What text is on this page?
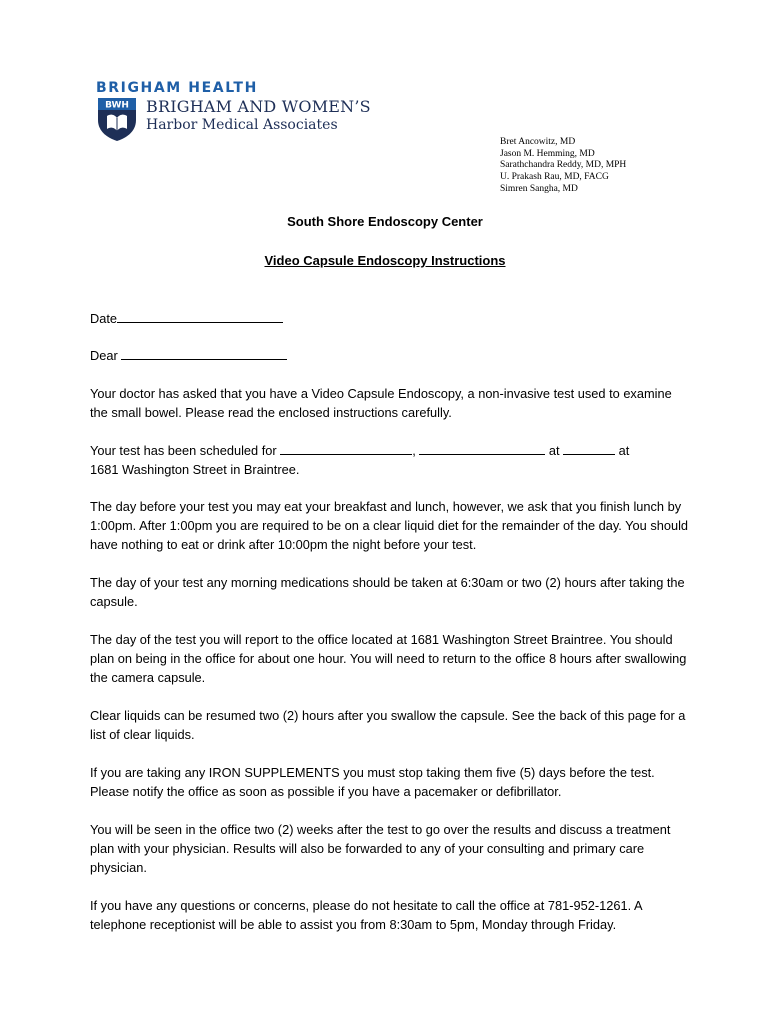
BRIGHAM HEALTH
BWH BRIGHAM AND WOMEN’S
Harbor Medical Associates
Bret Ancowitz, MD
Jason M. Hemming, MD
Sarathchandra Reddy, MD, MPH
U. Prakash Rau, MD, FACG
Simren Sangha, MD
South Shore Endoscopy Center
Video Capsule Endoscopy Instructions
Date
Dear
Your doctor has asked that you have a Video Capsule Endoscopy, a non-invasive test used to examine the small bowel. Please read the enclosed instructions carefully.
Your test has been scheduled for	,	at	at
1681 Washington Street in Braintree.
The day before your test you may eat your breakfast and lunch, however, we ask that you finish lunch by 1:00pm. After 1:00pm you are required to be on a clear liquid diet for the remainder of the day. You should have nothing to eat or drink after 10:00pm the night before your test.
The day of your test any morning medications should be taken at 6:30am or two (2) hours after taking the capsule.
The day of the test you will report to the office located at 1681 Washington Street Braintree. You should plan on being in the office for about one hour. You will need to return to the office 8 hours after swallowing the camera capsule.
Clear liquids can be resumed two (2) hours after you swallow the capsule. See the back of this page for a list of clear liquids.
If you are taking any IRON SUPPLEMENTS you must stop taking them five (5) days before the test. Please notify the office as soon as possible if you have a pacemaker or defibrillator.
You will be seen in the office two (2) weeks after the test to go over the results and discuss a treatment plan with your physician. Results will also be forwarded to any of your consulting and primary care physician.
If you have any questions or concerns, please do not hesitate to call the office at 781-952-1261. A telephone receptionist will be able to assist you from 8:30am to 5pm, Monday through Friday.
